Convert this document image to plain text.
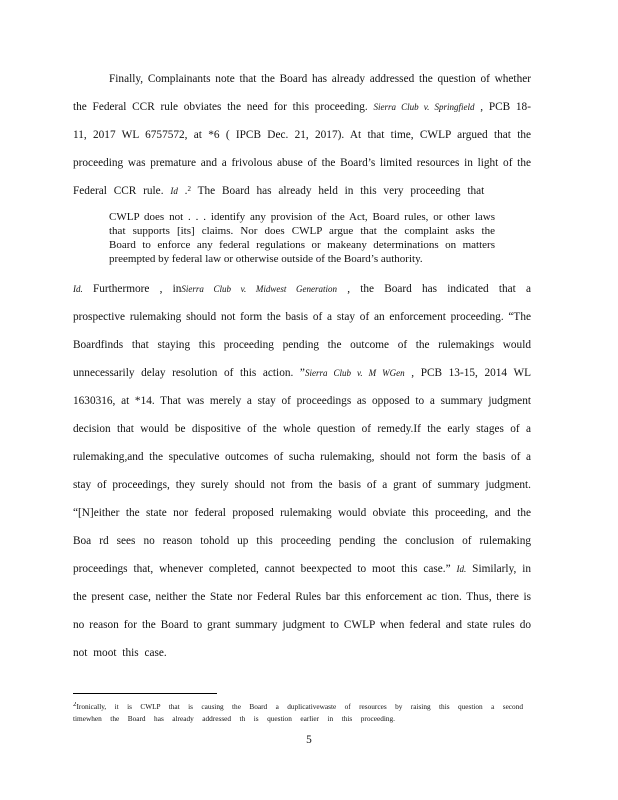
Finally, Complainants note that the Board has already addressed the question of whether
the Federal CCR rule obviates the need for this proceeding. Sierra Club v. Springfield , PCB 18-
11, 2017 WL 6757572, at *6 ( IPCB Dec. 21, 2017). At that time, CWLP argued that the
proceeding was premature and a frivolous abuse of the Board’s limited resources in light of the
Federal CCR rule. Id .$^2$ The Board has already held in this very proceeding that
CWLP does not . . . identify any provision of the Act, Board rules, or other laws
that supports [its] claims. Nor does CWLP argue that the complaint asks the
Board to enforce any federal regulations or makeany determinations on matters
preempted by federal law or otherwise outside of the Board’s authority.
Id. Furthermore , inSierra Club v. Midwest Generation , the Board has indicated that a
prospective rulemaking should not form the basis of a stay of an enforcement proceeding. “The
Boardfinds that staying this proceeding pending the outcome of the rulemakings would
unnecessarily delay resolution of this action. ”Sierra Club v. M WGen , PCB 13-15, 2014 WL
1630316, at *14. That was merely a stay of proceedings as opposed to a summary judgment
decision that would be dispositive of the whole question of remedy.If the early stages of a
rulemaking,and the speculative outcomes of sucha rulemaking, should not form the basis of a
stay of proceedings, they surely should not from the basis of a grant of summary judgment.
“[N]either the state nor federal proposed rulemaking would obviate this proceeding, and the
Boa rd sees no reason tohold up this proceeding pending the conclusion of rulemaking
proceedings that, whenever completed, cannot beexpected to moot this case.” Id. Similarly, in
the present case, neither the State nor Federal Rules bar this enforcement ac tion. Thus, there is
no reason for the Board to grant summary judgment to CWLP when federal and state rules do
not moot this case.
$^2$Ironically, it is CWLP that is causing the Board a duplicativewaste of resources by raising this question a second
timewhen the Board has already addressed th is question earlier in this proceeding.
5
